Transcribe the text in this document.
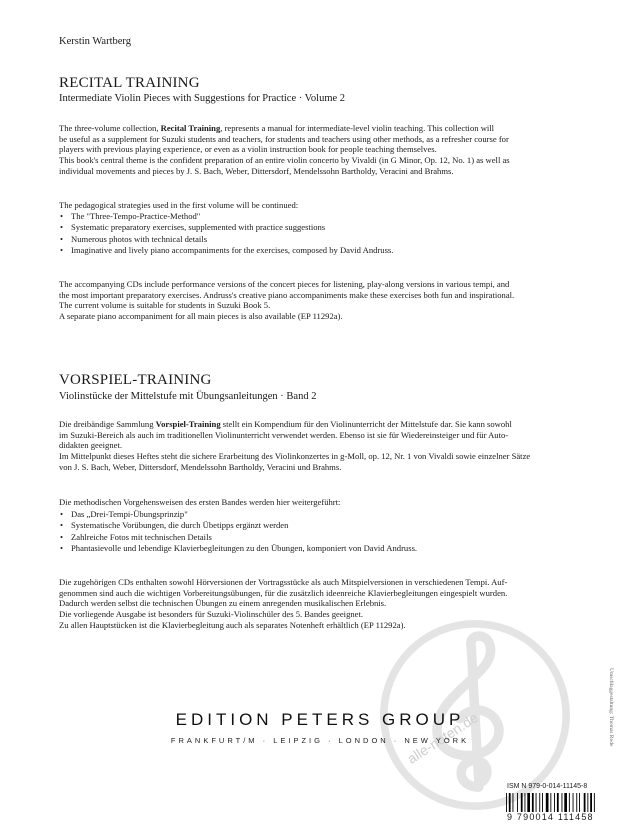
Kerstin Wartberg
RECITAL TRAINING
Intermediate Violin Pieces with Suggestions for Practice · Volume 2
The three-volume collection, Recital Training, represents a manual for intermediate-level violin teaching. This collection will
be useful as a supplement for Suzuki students and teachers, for students and teachers using other methods, as a refresher course for
players with previous playing experience, or even as a violin instruction book for people teaching themselves.
This book's central theme is the confident preparation of an entire violin concerto by Vivaldi (in G Minor, Op. 12, No. 1) as well as
individual movements and pieces by J. S. Bach, Weber, Dittersdorf, Mendelssohn Bartholdy, Veracini and Brahms.
The pedagogical strategies used in the first volume will be continued:
• The "Three-Tempo-Practice-Method"
• Systematic preparatory exercises, supplemented with practice suggestions
• Numerous photos with technical details
• Imaginative and lively piano accompaniments for the exercises, composed by David Andruss.
The accompanying CDs include performance versions of the concert pieces for listening, play-along versions in various tempi, and
the most important preparatory exercises. Andruss's creative piano accompaniments make these exercises both fun and inspirational.
The current volume is suitable for students in Suzuki Book 5.
A separate piano accompaniment for all main pieces is also available (EP 11292a).
VORSPIEL-TRAINING
Violinstücke der Mittelstufe mit Übungsanleitungen · Band 2
Die dreibändige Sammlung Vorspiel-Training stellt ein Kompendium für den Violinunterricht der Mittelstufe dar. Sie kann sowohl
im Suzuki-Bereich als auch im traditionellen Violinunterricht verwendet werden. Ebenso ist sie für Wiedereinsteiger und für Auto-
didakten geeignet.
Im Mittelpunkt dieses Heftes steht die sichere Erarbeitung des Violinkonzertes in g-Moll, op. 12, Nr. 1 von Vivaldi sowie einzelner Sätze
von J. S. Bach, Weber, Dittersdorf, Mendelssohn Bartholdy, Veracini und Brahms.
Die methodischen Vorgehensweisen des ersten Bandes werden hier weitergeführt:
• Das „Drei-Tempi-Übungsprinzip"
• Systematische Vorübungen, die durch Übetipps ergänzt werden
• Zahlreiche Fotos mit technischen Details
• Phantasievolle und lebendige Klavierbegleitungen zu den Übungen, komponiert von David Andruss.
Die zugehörigen CDs enthalten sowohl Hörversionen der Vortragsstücke als auch Mitspielversionen in verschiedenen Tempi. Auf-
genommen sind auch die wichtigen Vorbereitungsübungen, für die zusätzlich ideenreiche Klavierbegleitungen eingespielt wurden.
Dadurch werden selbst die technischen Übungen zu einem anregenden musikalischen Erlebnis.
Die vorliegende Ausgabe ist besonders für Suzuki-Violinschüler des 5. Bandes geeignet.
Zu allen Hauptstücken ist die Klavierbegleitung auch als separates Notenheft erhältlich (EP 11292a).
alle-noten.de	Umschlaggestaltung: Thomas Rode
EDITION PETERS GROUP
FRANKFURT/M · LEIPZIG · LONDON · NEW YORK
ISM N 979-0-014-11145-8
9 790014 111458
